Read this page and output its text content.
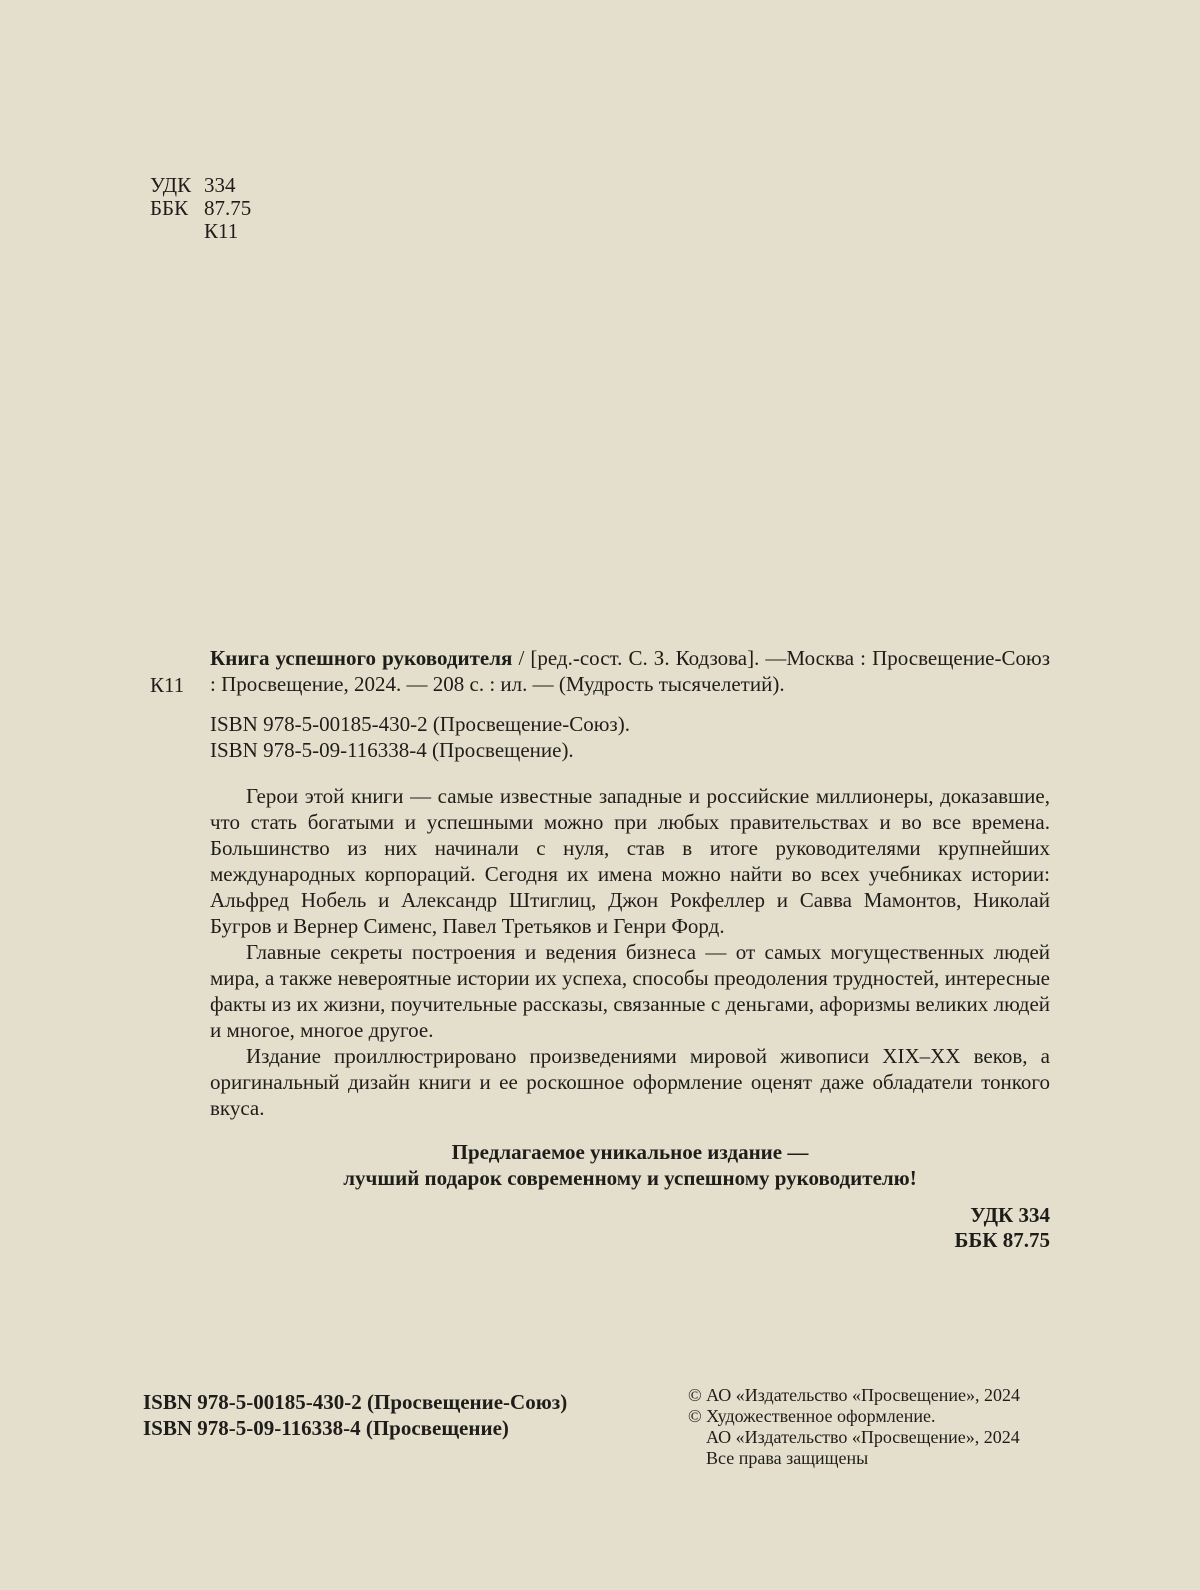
УДК 334
ББК 87.75
К11
К11

Книга успешного руководителя / [ред.-сост. С. З. Кодзова]. —Москва : Просвещение-Союз : Просвещение, 2024. — 208 с. : ил. — (Мудрость тысячелетий).

ISBN 978-5-00185-430-2 (Просвещение-Союз).
ISBN 978-5-09-116338-4 (Просвещение).

Герои этой книги — самые известные западные и российские миллионеры, доказавшие, что стать богатыми и успешными можно при любых правительствах и во все времена. Большинство из них начинали с нуля, став в итоге руководителями крупнейших международных корпораций. Сегодня их имена можно найти во всех учебниках истории: Альфред Нобель и Александр Штиглиц, Джон Рокфеллер и Савва Мамонтов, Николай Бугров и Вернер Сименс, Павел Третьяков и Генри Форд.

Главные секреты построения и ведения бизнеса — от самых могущественных людей мира, а также невероятные истории их успеха, способы преодоления трудностей, интересные факты из их жизни, поучительные рассказы, связанные с деньгами, афоризмы великих людей и многое, многое другое.

Издание проиллюстрировано произведениями мировой живописи XIX–XX веков, а оригинальный дизайн книги и ее роскошное оформление оценят даже обладатели тонкого вкуса.

Предлагаемое уникальное издание —
лучший подарок современному и успешному руководителю!
УДК 334
ББК 87.75
ISBN 978-5-00185-430-2 (Просвещение-Союз)
ISBN 978-5-09-116338-4 (Просвещение)
© АО «Издательство «Просвещение», 2024
© Художественное оформление.
АО «Издательство «Просвещение», 2024
Все права защищены
